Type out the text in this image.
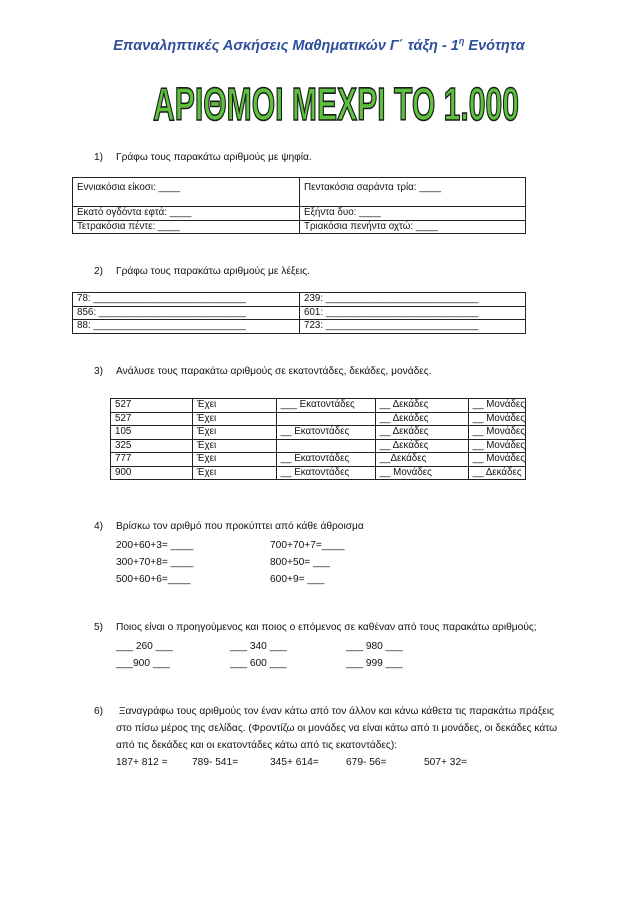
Επαναληπτικές Ασκήσεις Μαθηματικών Γ΄ τάξη - $1^\eta$ Ενότητα
ΑΡΙΘΜΟΙ ΜΕΧΡΙ ΤΟ 1.000
1) Γράφω τους παρακάτω αριθμούς με ψηφία.
Εννιακόσια είκοσι: ____	Πεντακόσια σαράντα τρία: ____
Εκατό ογδόντα εφτά: ____	Εξήντα δυο: ____
Τετρακόσια πέντε: ____	Τριακόσια πενήντα οχτώ: ____
2) Γράφω τους παρακάτω αριθμούς με λέξεις.
78: ____________________________	239: ____________________________
856: ___________________________	601: ____________________________
88: ____________________________	723: ____________________________
3) Ανάλυσε τους παρακάτω αριθμούς σε εκατοντάδες, δεκάδες, μονάδες.
527	Έχει	___ Εκατοντάδες	__ Δεκάδες	__ Μονάδες
527	Έχει		__ Δεκάδες	__ Μονάδες
105	Έχει	__ Εκατοντάδες	__ Δεκάδες	__ Μονάδες
325	Έχει		__ Δεκάδες	__ Μονάδες
777	Έχει	__ Εκατοντάδες	__Δεκάδες	__ Μονάδες
900	Έχει	__ Εκατοντάδες	__ Μονάδες	__ Δεκάδες
4) Βρίσκω τον αριθμό που προκύπτει από κάθε άθροισμα
200+60+3= ____	700+70+7=____
300+70+8= ____	800+50= ___
500+60+6=____	600+9= ___
5) Ποιος είναι ο προηγούμενος και ποιος ο επόμενος σε καθέναν από τους παρακάτω αριθμούς;
___ 260 ___	___ 340 ___	___ 980 ___
___900 ___	___ 600 ___	___ 999 ___
6) Ξαναγράφω τους αριθμούς τον έναν κάτω από τον άλλον και κάνω κάθετα τις παρακάτω πράξεις
στο πίσω μέρος της σελίδας. (Φροντίζω οι μονάδες να είναι κάτω από τι μονάδες, οι δεκάδες κάτω
από τις δεκάδες και οι εκατοντάδες κάτω από τις εκατοντάδες):
187+ 812 = 789- 541=	345+ 614=	679- 56=	507+ 32=
